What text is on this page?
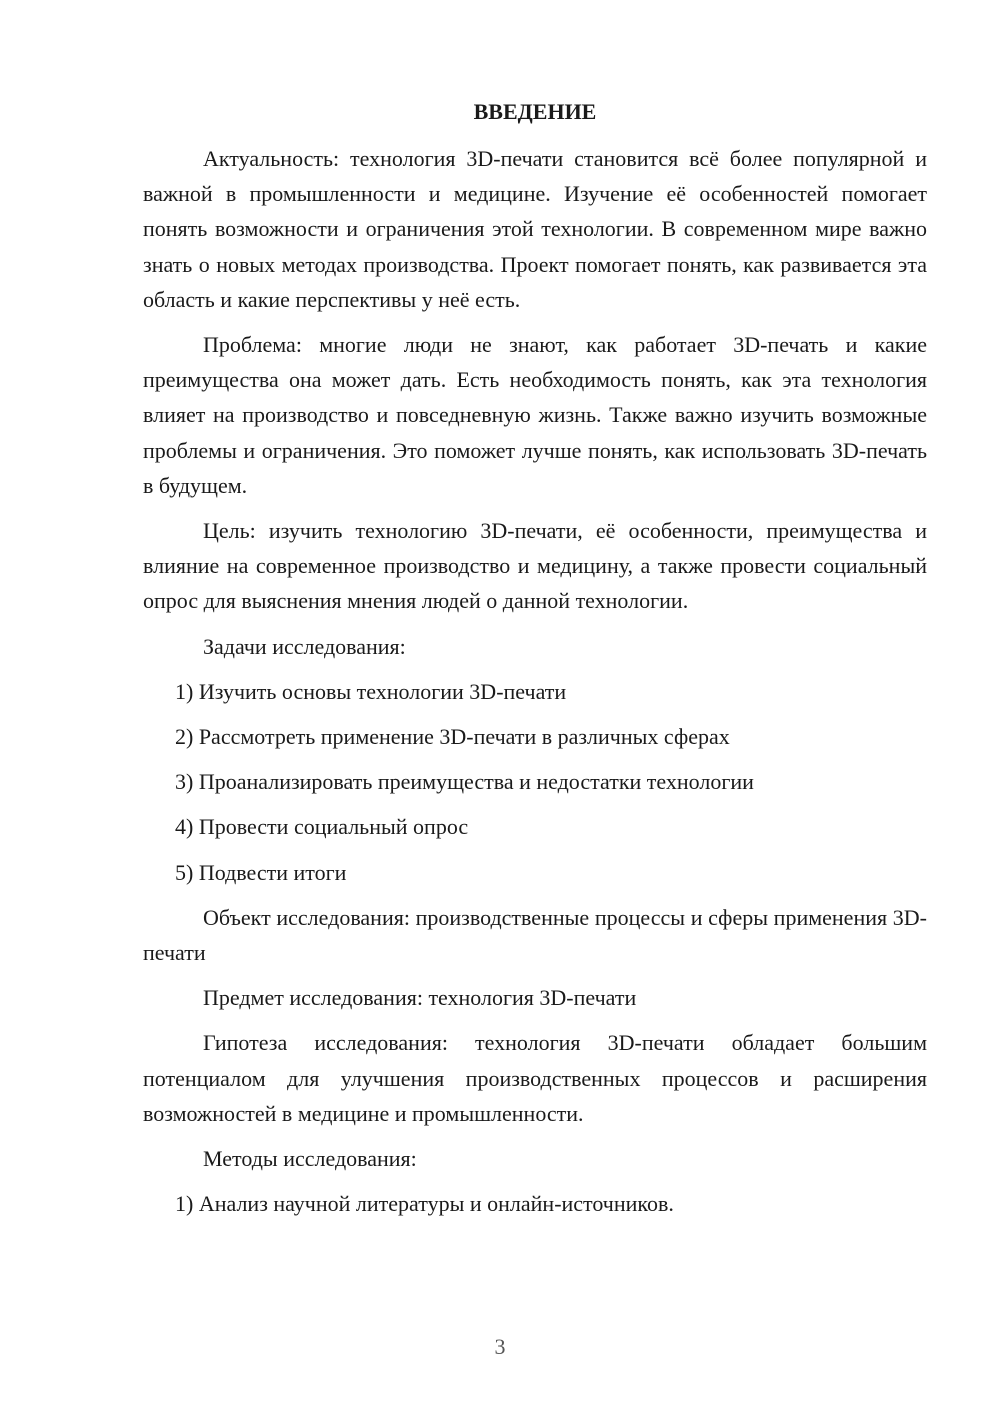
ВВЕДЕНИЕ

Актуальность: технология 3D-печати становится всё более популярной и важной в промышленности и медицине. Изучение её особенностей помогает понять возможности и ограничения этой технологии. В современном мире важно знать о новых методах производства. Проект помогает понять, как развивается эта область и какие перспективы у неё есть.

Проблема: многие люди не знают, как работает 3D-печать и какие преимущества она может дать. Есть необходимость понять, как эта технология влияет на производство и повседневную жизнь. Также важно изучить возможные проблемы и ограничения. Это поможет лучше понять, как использовать 3D-печать в будущем.

Цель: изучить технологию 3D-печати, её особенности, преимущества и влияние на современное производство и медицину, а также провести социальный опрос для выяснения мнения людей о данной технологии.

Задачи исследования:

1) Изучить основы технологии 3D-печати
2) Рассмотреть применение 3D-печати в различных сферах
3) Проанализировать преимущества и недостатки технологии
4) Провести социальный опрос
5) Подвести итоги

Объект исследования: производственные процессы и сферы применения 3D-печати

Предмет исследования: технология 3D-печати

Гипотеза исследования: технология 3D-печати обладает большим потенциалом для улучшения производственных процессов и расширения возможностей в медицине и промышленности.

Методы исследования:

1) Анализ научной литературы и онлайн-источников.
3
